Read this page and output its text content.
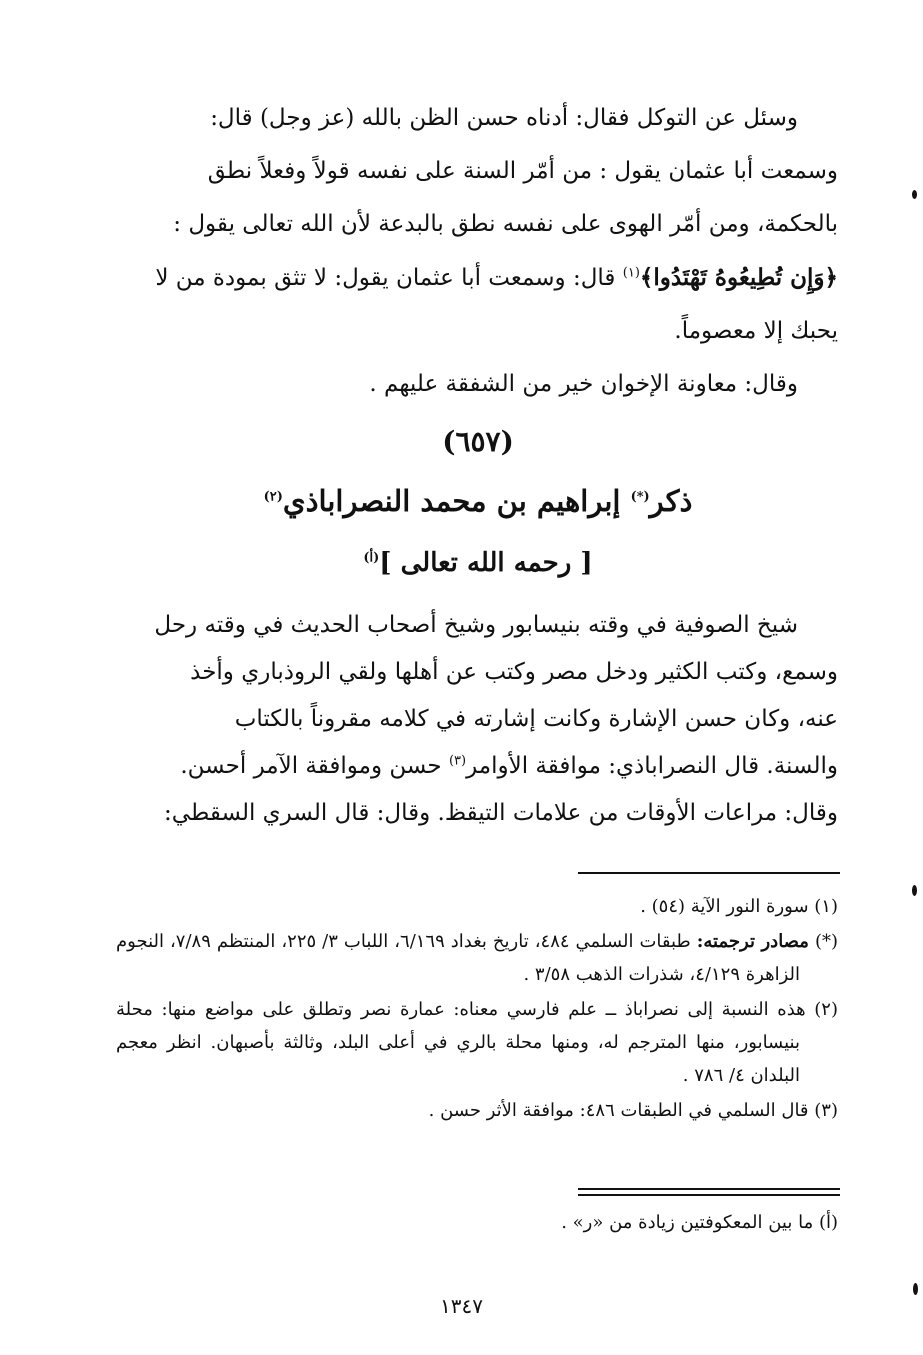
وسئل عن التوكل فقال: أدناه حسن الظن بالله (عز وجل) قال:

وسمعت أبا عثمان يقول : من أمّر السنة على نفسه قولاً وفعلاً نطق

بالحكمة، ومن أمّر الهوى على نفسه نطق بالبدعة لأن الله تعالى يقول :

﴿وَإِن تُطِيعُوهُ تَهْتَدُوا﴾$^{(١)}$ قال: وسمعت أبا عثمان يقول: لا تثق بمودة من لا

يحبك إلا معصوماً.

وقال: معاونة الإخوان خير من الشفقة عليهم .

(٦٥٧)
ذكر(*) إبراهيم بن محمد النصراباذي$^{(٢)}$
[ رحمه الله تعالى ]$^{(أ)}$

شيخ الصوفية في وقته بنيسابور وشيخ أصحاب الحديث في وقته رحل

وسمع، وكتب الكثير ودخل مصر وكتب عن أهلها ولقي الروذباري وأخذ

عنه، وكان حسن الإشارة وكانت إشارته في كلامه مقروناً بالكتاب

والسنة. قال النصراباذي: موافقة الأوامر$^{(٣)}$ حسن وموافقة الآمر أحسن.

وقال: مراعات الأوقات من علامات التيقظ. وقال: قال السري السقطي:

(١) سورة النور الآية (٥٤) .

(*) مصادر ترجمته: طبقات السلمي ٤٨٤، تاريخ بغداد ٦/١٦٩، اللباب ٣/ ٢٢٥، المنتظم ٧/٨٩، النجوم الزاهرة ٤/١٢٩، شذرات الذهب ٣/٥٨ .

(٢) هذه النسبة إلى نصراباذ ــ علم فارسي معناه: عمارة نصر وتطلق على مواضع منها: محلة بنيسابور، منها المترجم له، ومنها محلة بالري في أعلى البلد، وثالثة بأصبهان. انظر معجم البلدان ٤/ ٧٨٦ .

(٣) قال السلمي في الطبقات ٤٨٦: موافقة الأثر حسن .

(أ) ما بين المعكوفتين زيادة من «ر» .
١٣٤٧
